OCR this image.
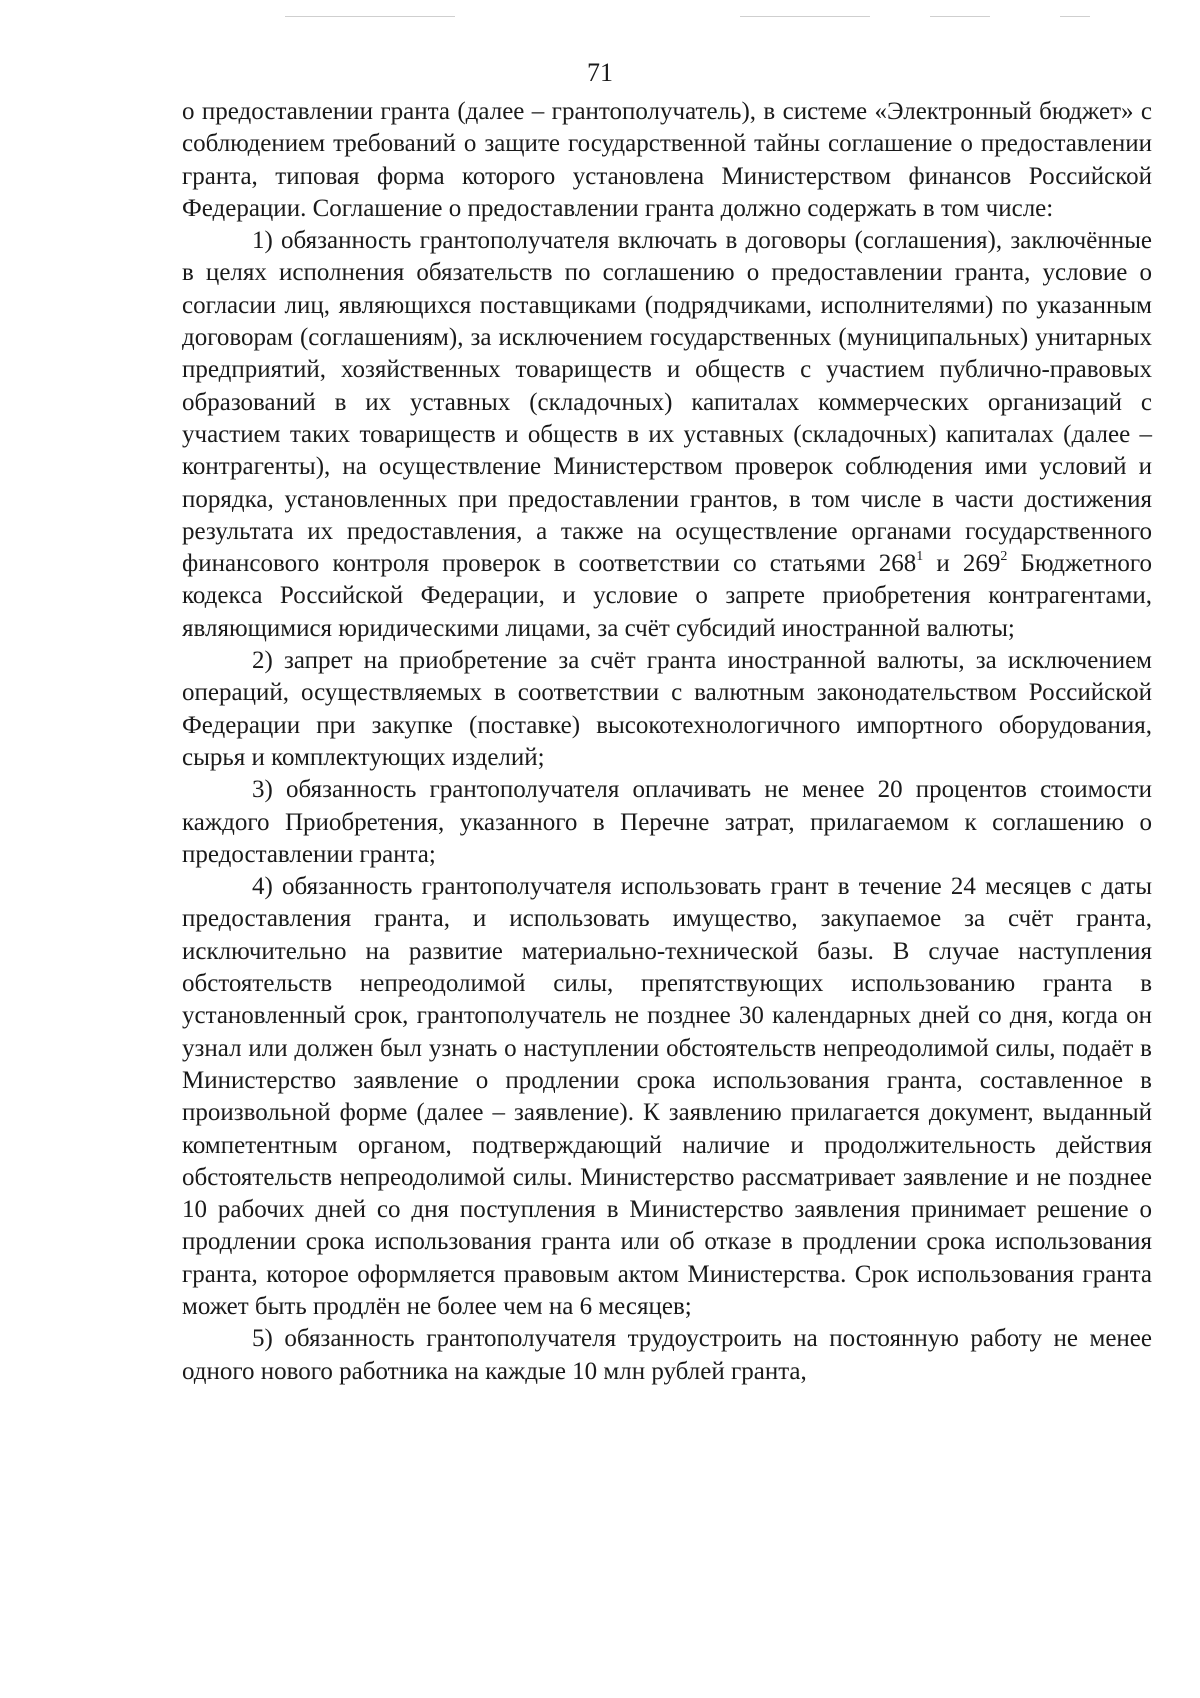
71

о предоставлении гранта (далее – грантополучатель), в системе «Электронный бюджет» с соблюдением требований о защите государственной тайны соглашение о предоставлении гранта, типовая форма которого установлена Министерством финансов Российской Федерации. Соглашение о предоставлении гранта должно содержать в том числе:

1) обязанность грантополучателя включать в договоры (соглашения), заключённые в целях исполнения обязательств по соглашению о предоставлении гранта, условие о согласии лиц, являющихся поставщиками (подрядчиками, исполнителями) по указанным договорам (соглашениям), за исключением государственных (муниципальных) унитарных предприятий, хозяйственных товариществ и обществ с участием публично-правовых образований в их уставных (складочных) капиталах коммерческих организаций с участием таких товариществ и обществ в их уставных (складочных) капиталах (далее – контрагенты), на осуществление Министерством проверок соблюдения ими условий и порядка, установленных при предоставлении грантов, в том числе в части достижения результата их предоставления, а также на осуществление органами государственного финансового контроля проверок в соответствии со статьями $268^1$ и $269^2$ Бюджетного кодекса Российской Федерации, и условие о запрете приобретения контрагентами, являющимися юридическими лицами, за счёт субсидий иностранной валюты;

2) запрет на приобретение за счёт гранта иностранной валюты, за исключением операций, осуществляемых в соответствии с валютным законодательством Российской Федерации при закупке (поставке) высокотехнологичного импортного оборудования, сырья и комплектующих изделий;

3) обязанность грантополучателя оплачивать не менее 20 процентов стоимости каждого Приобретения, указанного в Перечне затрат, прилагаемом к соглашению о предоставлении гранта;

4) обязанность грантополучателя использовать грант в течение 24 месяцев с даты предоставления гранта, и использовать имущество, закупаемое за счёт гранта, исключительно на развитие материально-технической базы. В случае наступления обстоятельств непреодолимой силы, препятствующих использованию гранта в установленный срок, грантополучатель не позднее 30 календарных дней со дня, когда он узнал или должен был узнать о наступлении обстоятельств непреодолимой силы, подаёт в Министерство заявление о продлении срока использования гранта, составленное в произвольной форме (далее – заявление). К заявлению прилагается документ, выданный компетентным органом, подтверждающий наличие и продолжительность действия обстоятельств непреодолимой силы. Министерство рассматривает заявление и не позднее 10 рабочих дней со дня поступления в Министерство заявления принимает решение о продлении срока использования гранта или об отказе в продлении срока использования гранта, которое оформляется правовым актом Министерства. Срок использования гранта может быть продлён не более чем на 6 месяцев;

5) обязанность грантополучателя трудоустроить на постоянную работу не менее одного нового работника на каждые 10 млн рублей гранта,
